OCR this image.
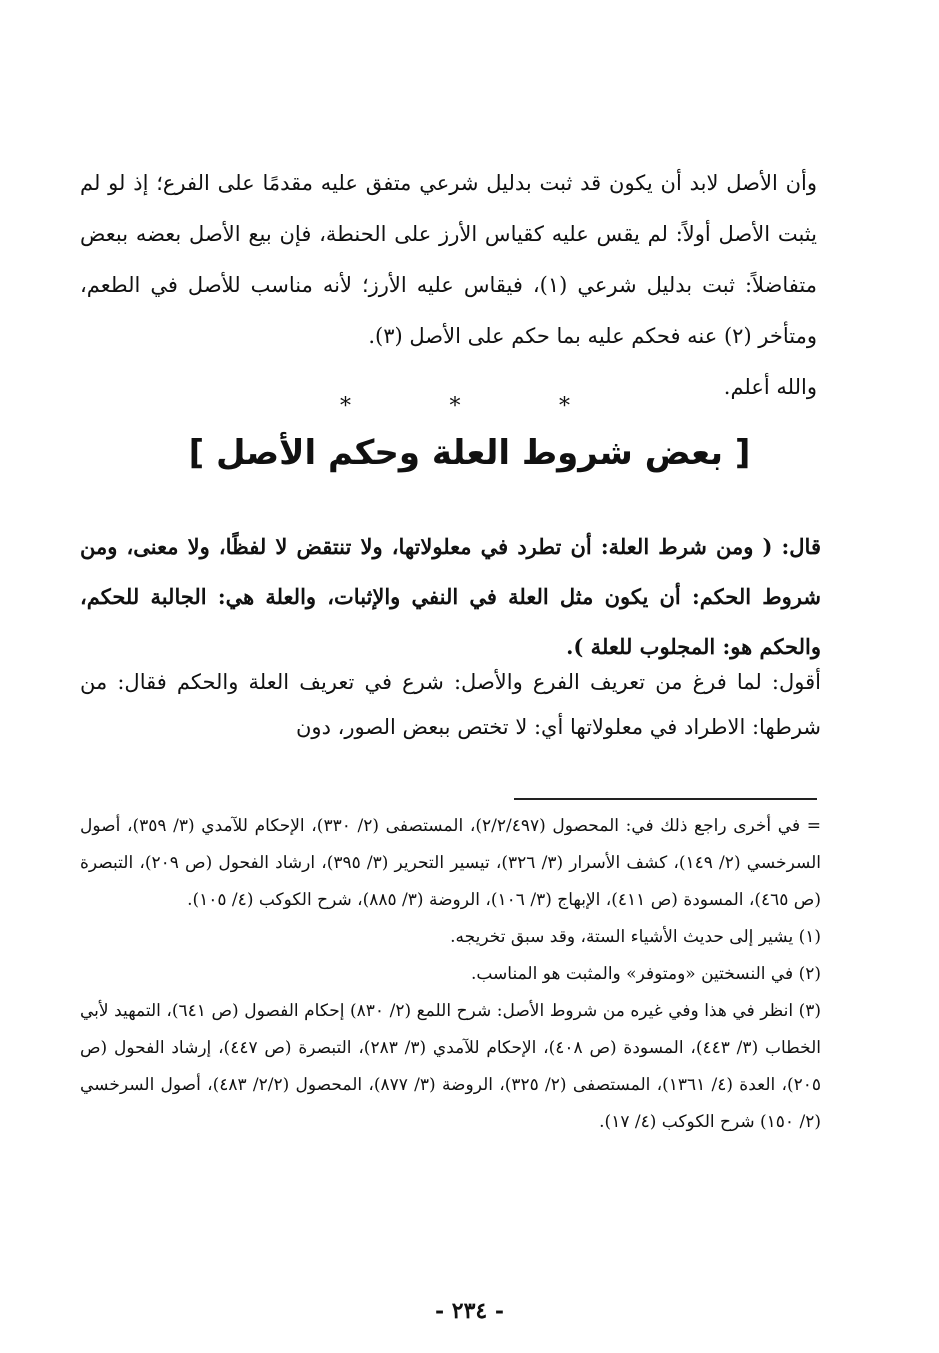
وأن الأصل لابد أن يكون قد ثبت بدليل شرعي متفق عليه مقدمًا على الفرع؛ إذ لو لم يثبت الأصل أولاً: لم يقس عليه كقياس الأرز على الحنطة، فإن بيع الأصل بعضه ببعض متفاضلاً: ثبت بدليل شرعي (١)، فيقاس عليه الأرز؛ لأنه مناسب للأصل في الطعم، ومتأخر (٢) عنه فحكم عليه بما حكم على الأصل (٣).

والله أعلم.

*	*	*
[ بعض شروط العلة وحكم الأصل ]

قال: ( ومن شرط العلة: أن تطرد في معلولاتها، ولا تنتقض لا لفظًا، ولا معنى، ومن شروط الحكم: أن يكون مثل العلة في النفي والإثبات، والعلة هي: الجالبة للحكم، والحكم هو: المجلوب للعلة ).

أقول: لما فرغ من تعريف الفرع والأصل: شرع في تعريف العلة والحكم فقال: من شرطها: الاطراد في معلولاتها أي: لا تختص ببعض الصور، دون

= في أخرى راجع ذلك في: المحصول (٢/٢/٤٩٧)، المستصفى (٢/ ٣٣٠)، الإحكام للآمدي (٣/ ٣٥٩)، أصول السرخسي (٢/ ١٤٩)، كشف الأسرار (٣/ ٣٢٦)، تيسير التحرير (٣/ ٣٩٥)، ارشاد الفحول (ص ٢٠٩)، التبصرة (ص ٤٦٥)، المسودة (ص ٤١١)، الإبهاج (٣/ ١٠٦)، الروضة (٣/ ٨٨٥)، شرح الكوكب (٤/ ١٠٥).

(١) يشير إلى حديث الأشياء الستة، وقد سبق تخريجه.

(٢) في النسختين «ومتوفر» والمثبت هو المناسب.

(٣) انظر في هذا وفي غيره من شروط الأصل: شرح اللمع (٢/ ٨٣٠) إحكام الفصول (ص ٦٤١)، التمهيد لأبي الخطاب (٣/ ٤٤٣)، المسودة (ص ٤٠٨)، الإحكام للآمدي (٣/ ٢٨٣)، التبصرة (ص ٤٤٧)، إرشاد الفحول (ص ٢٠٥)، العدة (٤/ ١٣٦١)، المستصفى (٢/ ٣٢٥)، الروضة (٣/ ٨٧٧)، المحصول (٢/٢/ ٤٨٣)، أصول السرخسي (٢/ ١٥٠) شرح الكوكب (٤/ ١٧).

- ٢٣٤ -
